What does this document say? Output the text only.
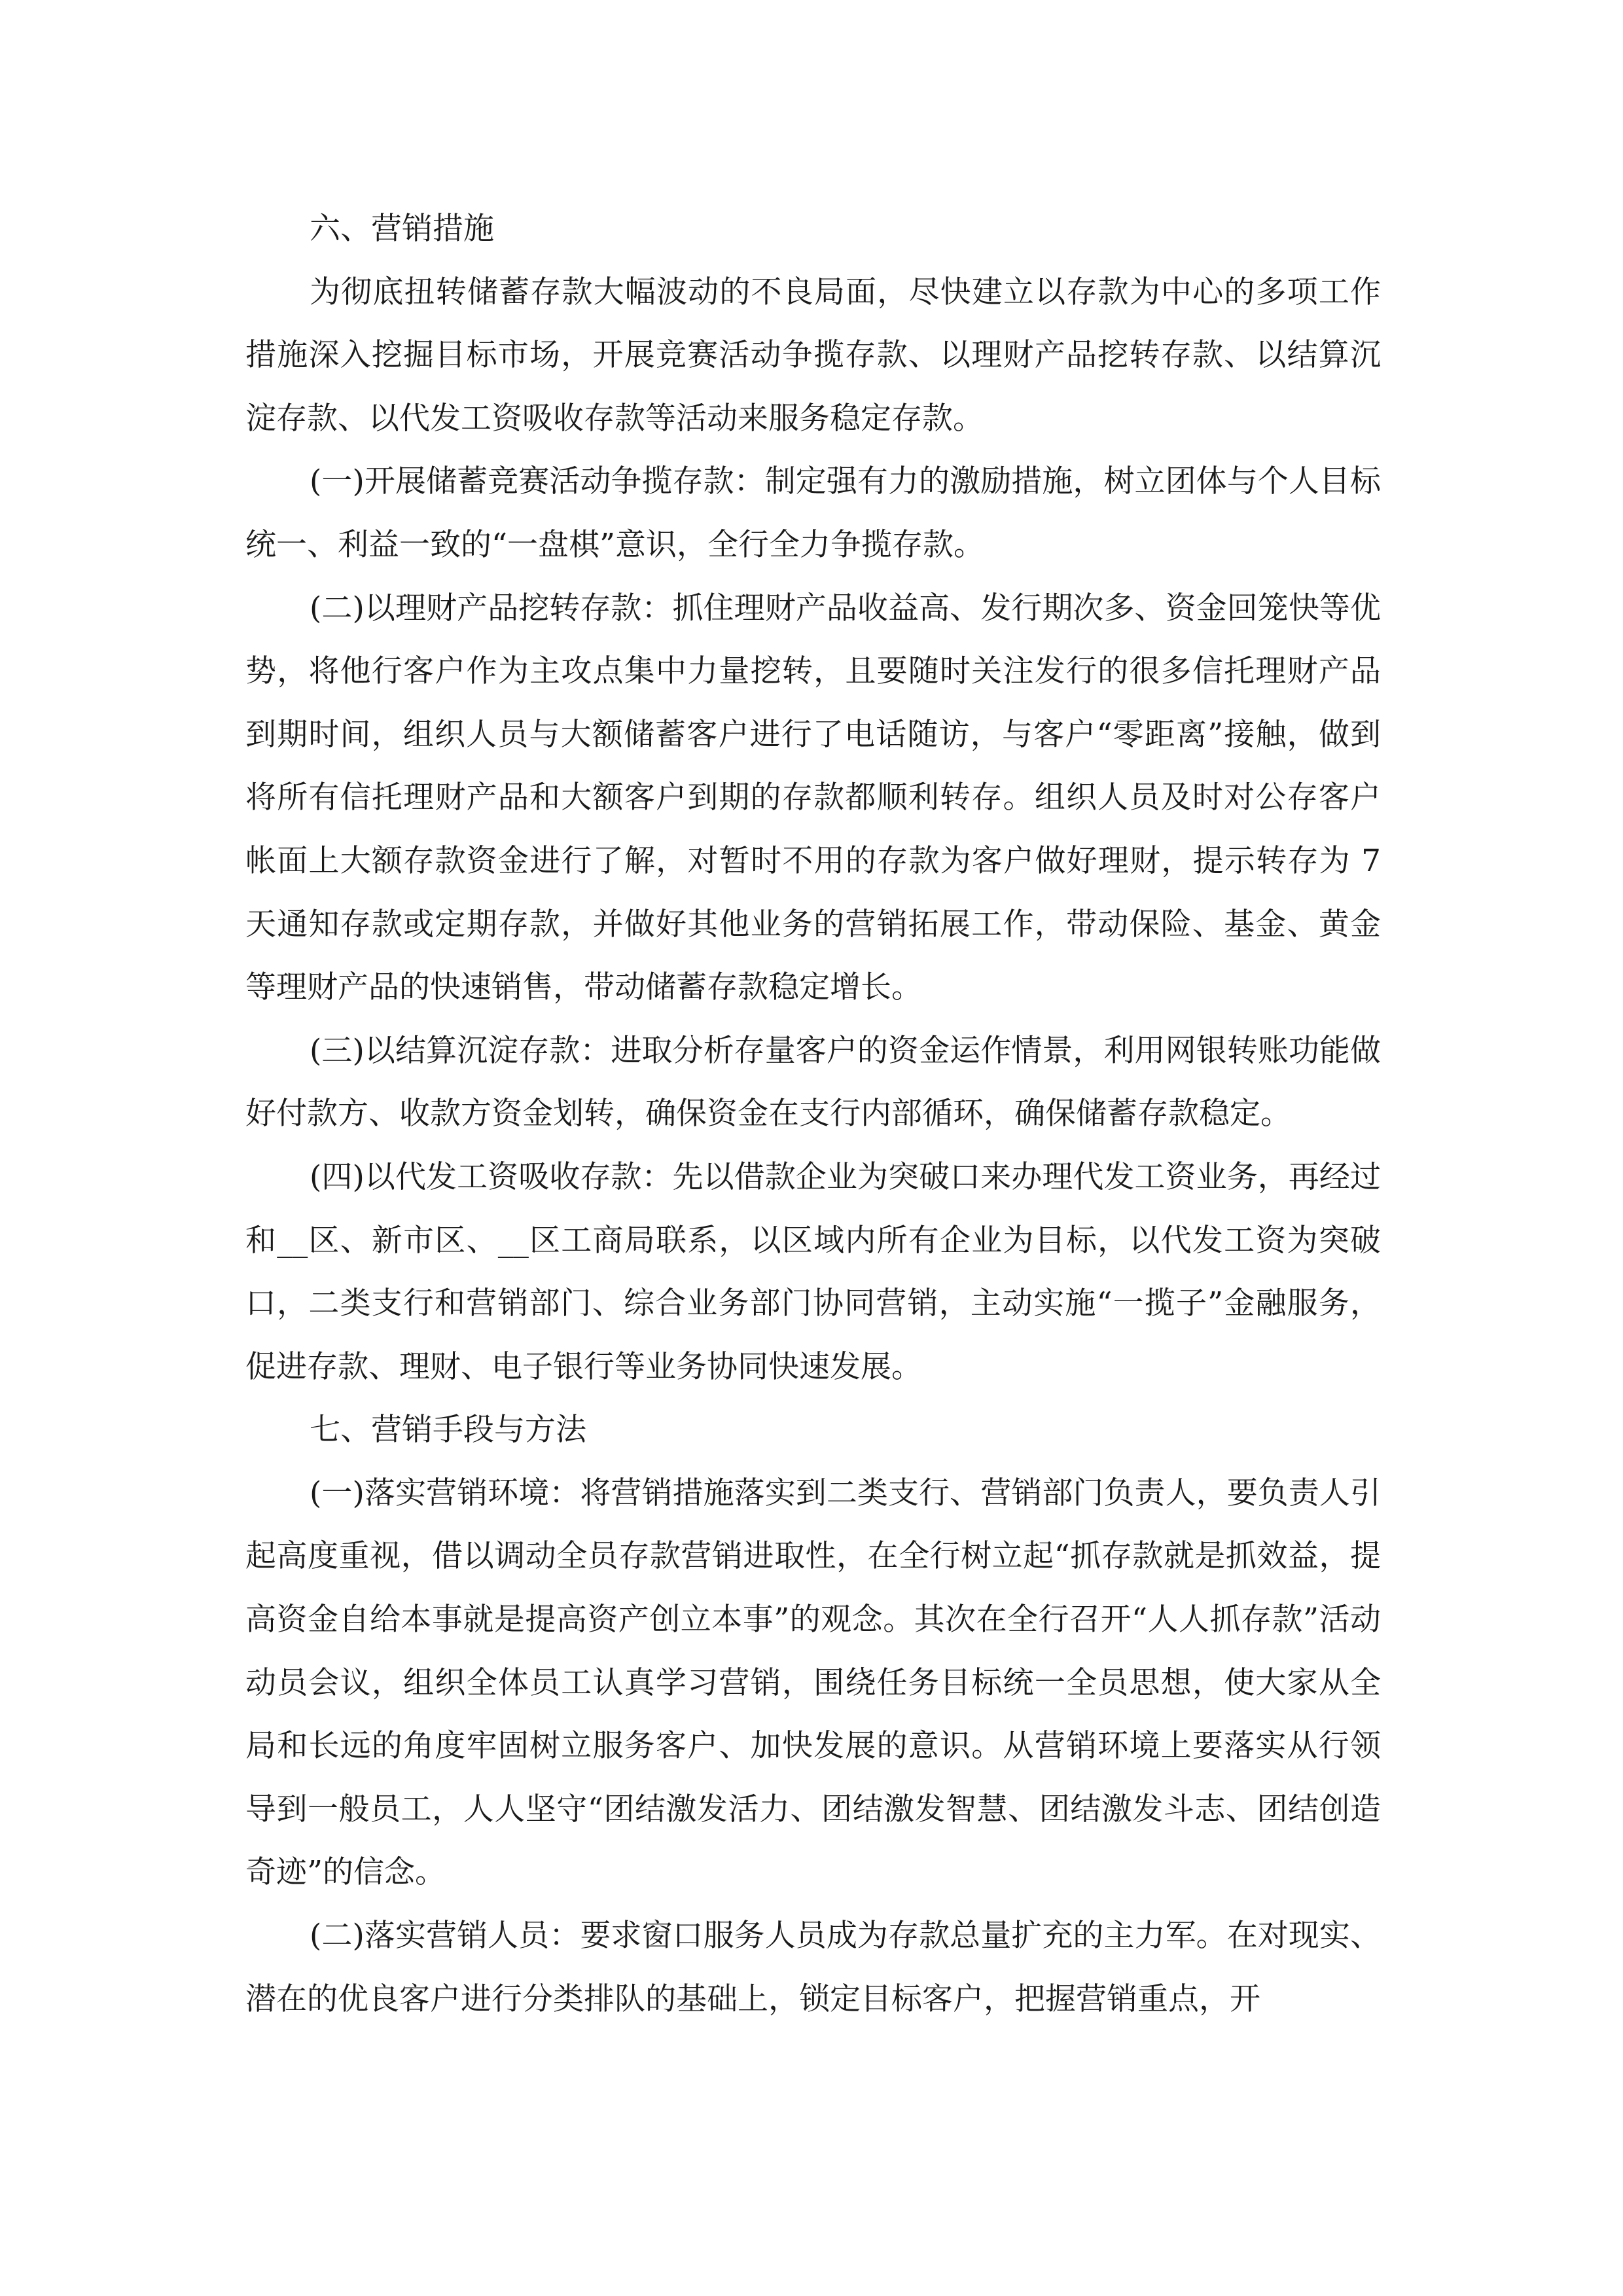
六、营销措施

为彻底扭转储蓄存款大幅波动的不良局面，尽快建立以存款为中心的多项工作措施深入挖掘目标市场，开展竞赛活动争揽存款、以理财产品挖转存款、以结算沉淀存款、以代发工资吸收存款等活动来服务稳定存款。

(一)开展储蓄竞赛活动争揽存款：制定强有力的激励措施，树立团体与个人目标统一、利益一致的“一盘棋”意识，全行全力争揽存款。

(二)以理财产品挖转存款：抓住理财产品收益高、发行期次多、资金回笼快等优势，将他行客户作为主攻点集中力量挖转，且要随时关注发行的很多信托理财产品到期时间，组织人员与大额储蓄客户进行了电话随访，与客户“零距离”接触，做到将所有信托理财产品和大额客户到期的存款都顺利转存。组织人员及时对公存客户帐面上大额存款资金进行了解，对暂时不用的存款为客户做好理财，提示转存为 7 天通知存款或定期存款，并做好其他业务的营销拓展工作，带动保险、基金、黄金等理财产品的快速销售，带动储蓄存款稳定增长。

(三)以结算沉淀存款：进取分析存量客户的资金运作情景，利用网银转账功能做好付款方、收款方资金划转，确保资金在支行内部循环，确保储蓄存款稳定。

(四)以代发工资吸收存款：先以借款企业为突破口来办理代发工资业务，再经过和__区、新市区、__区工商局联系，以区域内所有企业为目标，以代发工资为突破口，二类支行和营销部门、综合业务部门协同营销，主动实施“一揽子”金融服务，促进存款、理财、电子银行等业务协同快速发展。

七、营销手段与方法

(一)落实营销环境：将营销措施落实到二类支行、营销部门负责人，要负责人引起高度重视，借以调动全员存款营销进取性，在全行树立起“抓存款就是抓效益，提高资金自给本事就是提高资产创立本事”的观念。其次在全行召开“人人抓存款”活动动员会议，组织全体员工认真学习营销，围绕任务目标统一全员思想，使大家从全局和长远的角度牢固树立服务客户、加快发展的意识。从营销环境上要落实从行领导到一般员工，人人坚守“团结激发活力、团结激发智慧、团结激发斗志、团结创造奇迹”的信念。

(二)落实营销人员：要求窗口服务人员成为存款总量扩充的主力军。在对现实、潜在的优良客户进行分类排队的基础上，锁定目标客户，把握营销重点，开
